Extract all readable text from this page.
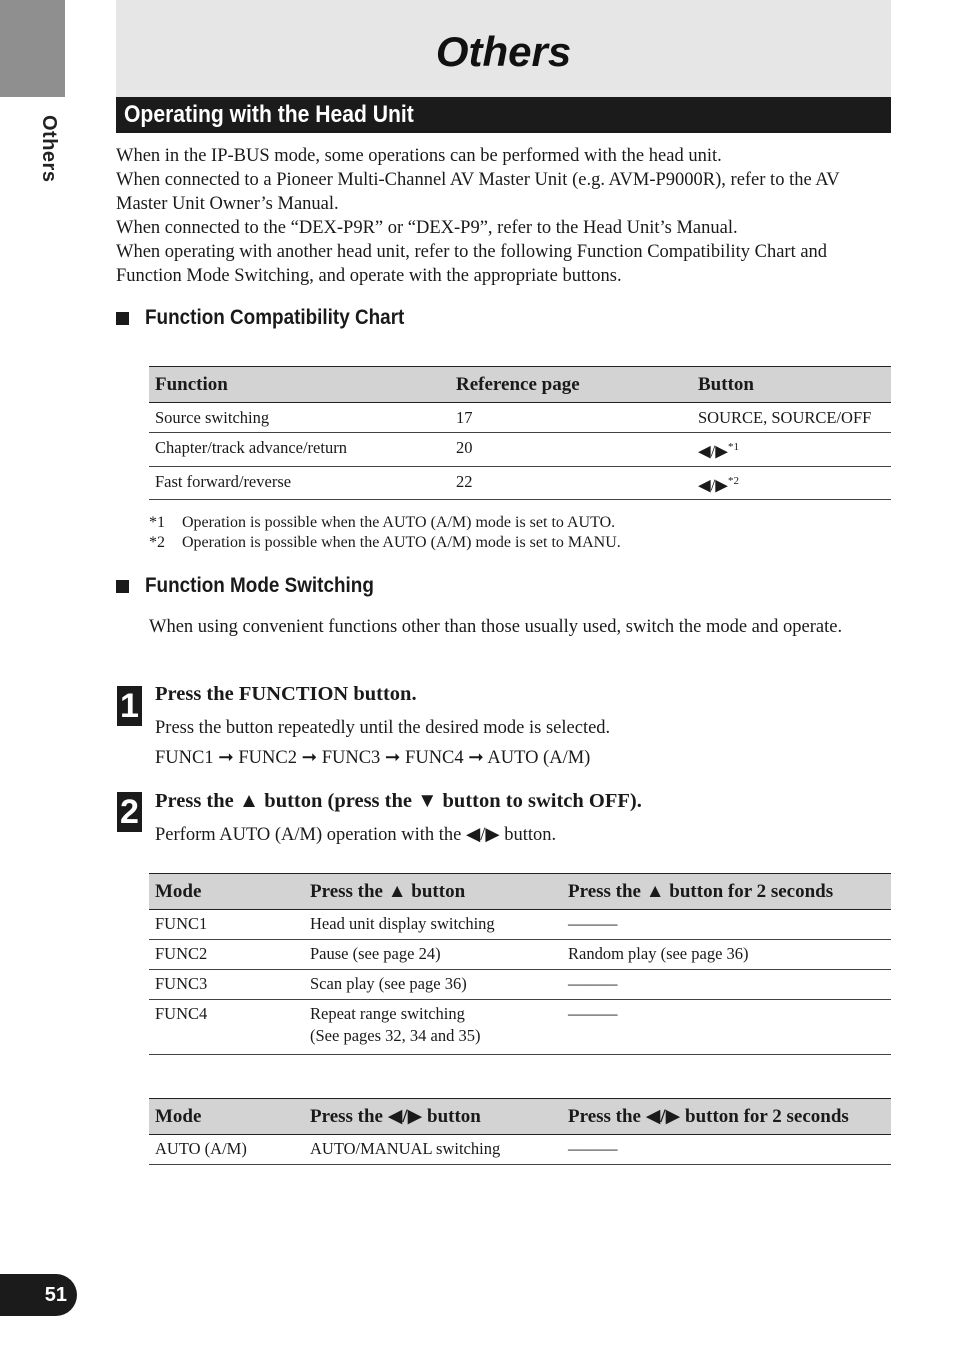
Others
Others
Operating with the Head Unit

When in the IP-BUS mode, some operations can be performed with the head unit.

When connected to a Pioneer Multi-Channel AV Master Unit (e.g. AVM-P9000R), refer to the AV Master Unit Owner’s Manual.

When connected to the “DEX-P9R” or “DEX-P9”, refer to the Head Unit’s Manual.

When operating with another head unit, refer to the following Function Compatibility Chart and Function Mode Switching, and operate with the appropriate buttons.

Function Compatibility Chart
Function	Reference page	Button
Source switching	17	SOURCE, SOURCE/OFF
Chapter/track advance/return	20	◀/▶$^{*1}$
Fast forward/reverse	22	◀/▶$^{*2}$
*1 Operation is possible when the AUTO (A/M) mode is set to AUTO.
*2 Operation is possible when the AUTO (A/M) mode is set to MANU.
Function Mode Switching

When using convenient functions other than those usually used, switch the mode and operate.

1 Press the FUNCTION button.
Press the button repeatedly until the desired mode is selected.
FUNC1 ➞ FUNC2 ➞ FUNC3 ➞ FUNC4 ➞ AUTO (A/M)
2 Press the ▲ button (press the ▼ button to switch OFF).
Perform AUTO (A/M) operation with the ◀/▶ button.
Mode	Press the ▲ button	Press the ▲ button for 2 seconds
FUNC1	Head unit display switching	———
FUNC2	Pause (see page 24)	Random play (see page 36)
FUNC3	Scan play (see page 36)	———
FUNC4	Repeat range switching
(See pages 32, 34 and 35)	———
Mode	Press the ◀/▶ button	Press the ◀/▶ button for 2 seconds
AUTO (A/M)	AUTO/MANUAL switching	———
51
